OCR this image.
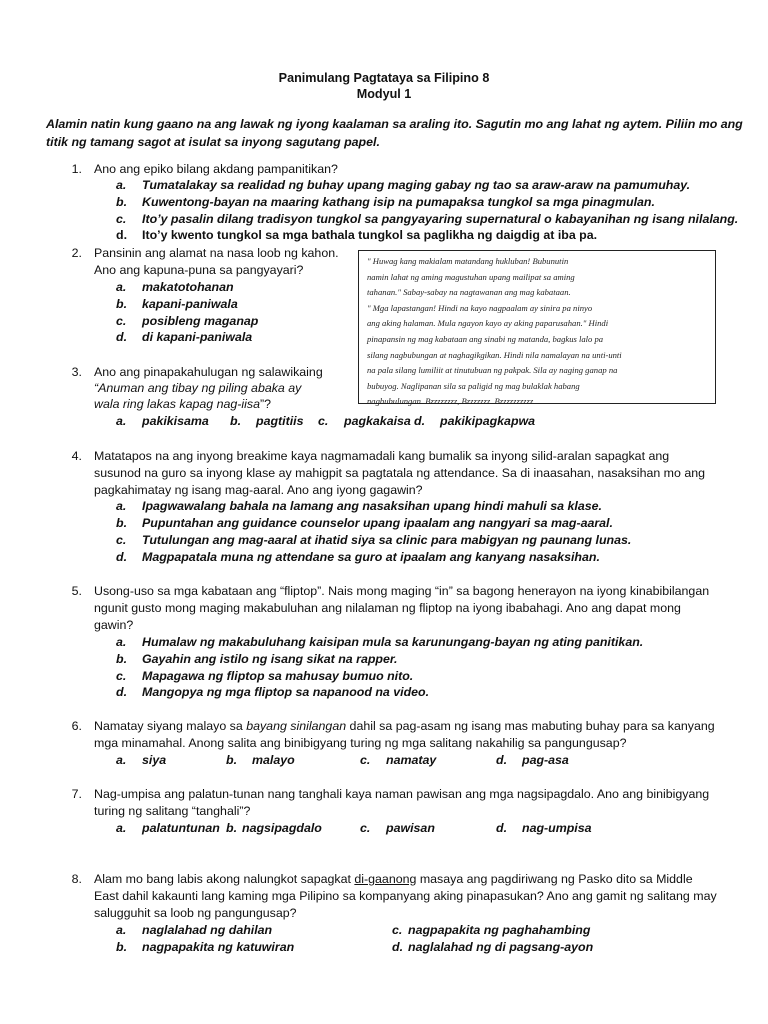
Panimulang Pagtataya sa Filipino 8
Modyul 1
Alamin natin kung gaano na ang lawak ng iyong kaalaman sa araling ito. Sagutin mo ang lahat ng aytem. Piliin mo ang titik ng tamang sagot at isulat sa inyong sagutang papel.
1. Ano ang epiko bilang akdang pampanitikan?
a. Tumatalakay sa realidad ng buhay upang maging gabay ng tao sa araw-araw na pamumuhay.
b. Kuwentong-bayan na maaring kathang isip na pumapaksa tungkol sa mga pinagmulan.
c. Ito’y pasalin dilang tradisyon tungkol sa pangyayaring supernatural o kabayanihan ng isang nilalang.
d. Ito’y kwento tungkol sa mga bathala tungkol sa paglikha ng daigdig at iba pa.
2. Pansinin ang alamat na nasa loob ng kahon.
Ano ang kapuna-puna sa pangyayari?
a. makatotohanan
b. kapani-paniwala
c. posibleng maganap
d. di kapani-paniwala
" Huwag kang makialam matandang hukluban! Bubunutin
namin lahat ng aming magustuhan upang mailipat sa aming
tahanan." Sabay-sabay na nagtawanan ang mag kabataan.
" Mga lapastangan! Hindi na kayo nagpaalam ay sinira pa ninyo
ang aking halaman. Mula ngayon kayo ay aking paparusahan." Hindi
pinapansin ng mag kabataan ang sinabi ng matanda, bagkus lalo pa
silang nagbubungan at naghagikgikan. Hindi nila namalayan na unti-unti
na pala silang lumiliit at tinutubuan ng pakpak. Sila ay naging ganap na
bubuyog. Naglipanan sila sa paligid ng mag bulaklak habang
nagbubulungan. Bzzzzzzzz, Bzzzzzzz. Bzzzzzzzzzz
3. Ano ang pinapakahulugan ng salawikaing
“Anuman ang tibay ng piling abaka ay
wala ring lakas kapag nag-iisa”?
a. pakikisama b. pagtitiis c. pagkakaisa d. pakikipagkapwa
4. Matatapos na ang inyong breakime kaya nagmamadali kang bumalik sa inyong silid-aralan sapagkat ang
susunod na guro sa inyong klase ay mahigpit sa pagtatala ng attendance. Sa di inaasahan, nasaksihan mo ang
pagkahimatay ng isang mag-aaral. Ano ang iyong gagawin?
a. Ipagwawalang bahala na lamang ang nasaksihan upang hindi mahuli sa klase.
b. Pupuntahan ang guidance counselor upang ipaalam ang nangyari sa mag-aaral.
c. Tutulungan ang mag-aaral at ihatid siya sa clinic para mabigyan ng paunang lunas.
d. Magpapatala muna ng attendane sa guro at ipaalam ang kanyang nasaksihan.
5. Usong-uso sa mga kabataan ang “fliptop”. Nais mong maging “in” sa bagong henerayon na iyong kinabibilangan
ngunit gusto mong maging makabuluhan ang nilalaman ng fliptop na iyong ibabahagi. Ano ang dapat mong
gawin?
a. Humalaw ng makabuluhang kaisipan mula sa karunungang-bayan ng ating panitikan.
b. Gayahin ang istilo ng isang sikat na rapper.
c. Mapagawa ng fliptop sa mahusay bumuo nito.
d. Mangopya ng mga fliptop sa napanood na video.
6. Namatay siyang malayo sa bayang sinilangan dahil sa pag-asam ng isang mas mabuting buhay para sa kanyang
mga minamahal. Anong salita ang binibigyang turing ng mga salitang nakahilig sa pangungusap?
a. siya	b. malayo	c. namatay	d. pag-asa
7. Nag-umpisa ang palatun-tunan nang tanghali kaya naman pawisan ang mga nagsipagdalo. Ano ang binibigyang
turing ng salitang “tanghali”?
a. palatuntunan b. nagsipagdalo	c. pawisan	d. nag-umpisa
8. Alam mo bang labis akong nalungkot sapagkat di-gaanong masaya ang pagdiriwang ng Pasko dito sa Middle
East dahil kakaunti lang kaming mga Pilipino sa kompanyang aking pinapasukan? Ano ang gamit ng salitang may
salugguhit sa loob ng pangungusap?
a. naglalahad ng dahilan
b. nagpapakita ng katuwiran
c. nagpapakita ng paghahambing
d. naglalahad ng di pagsang-ayon
